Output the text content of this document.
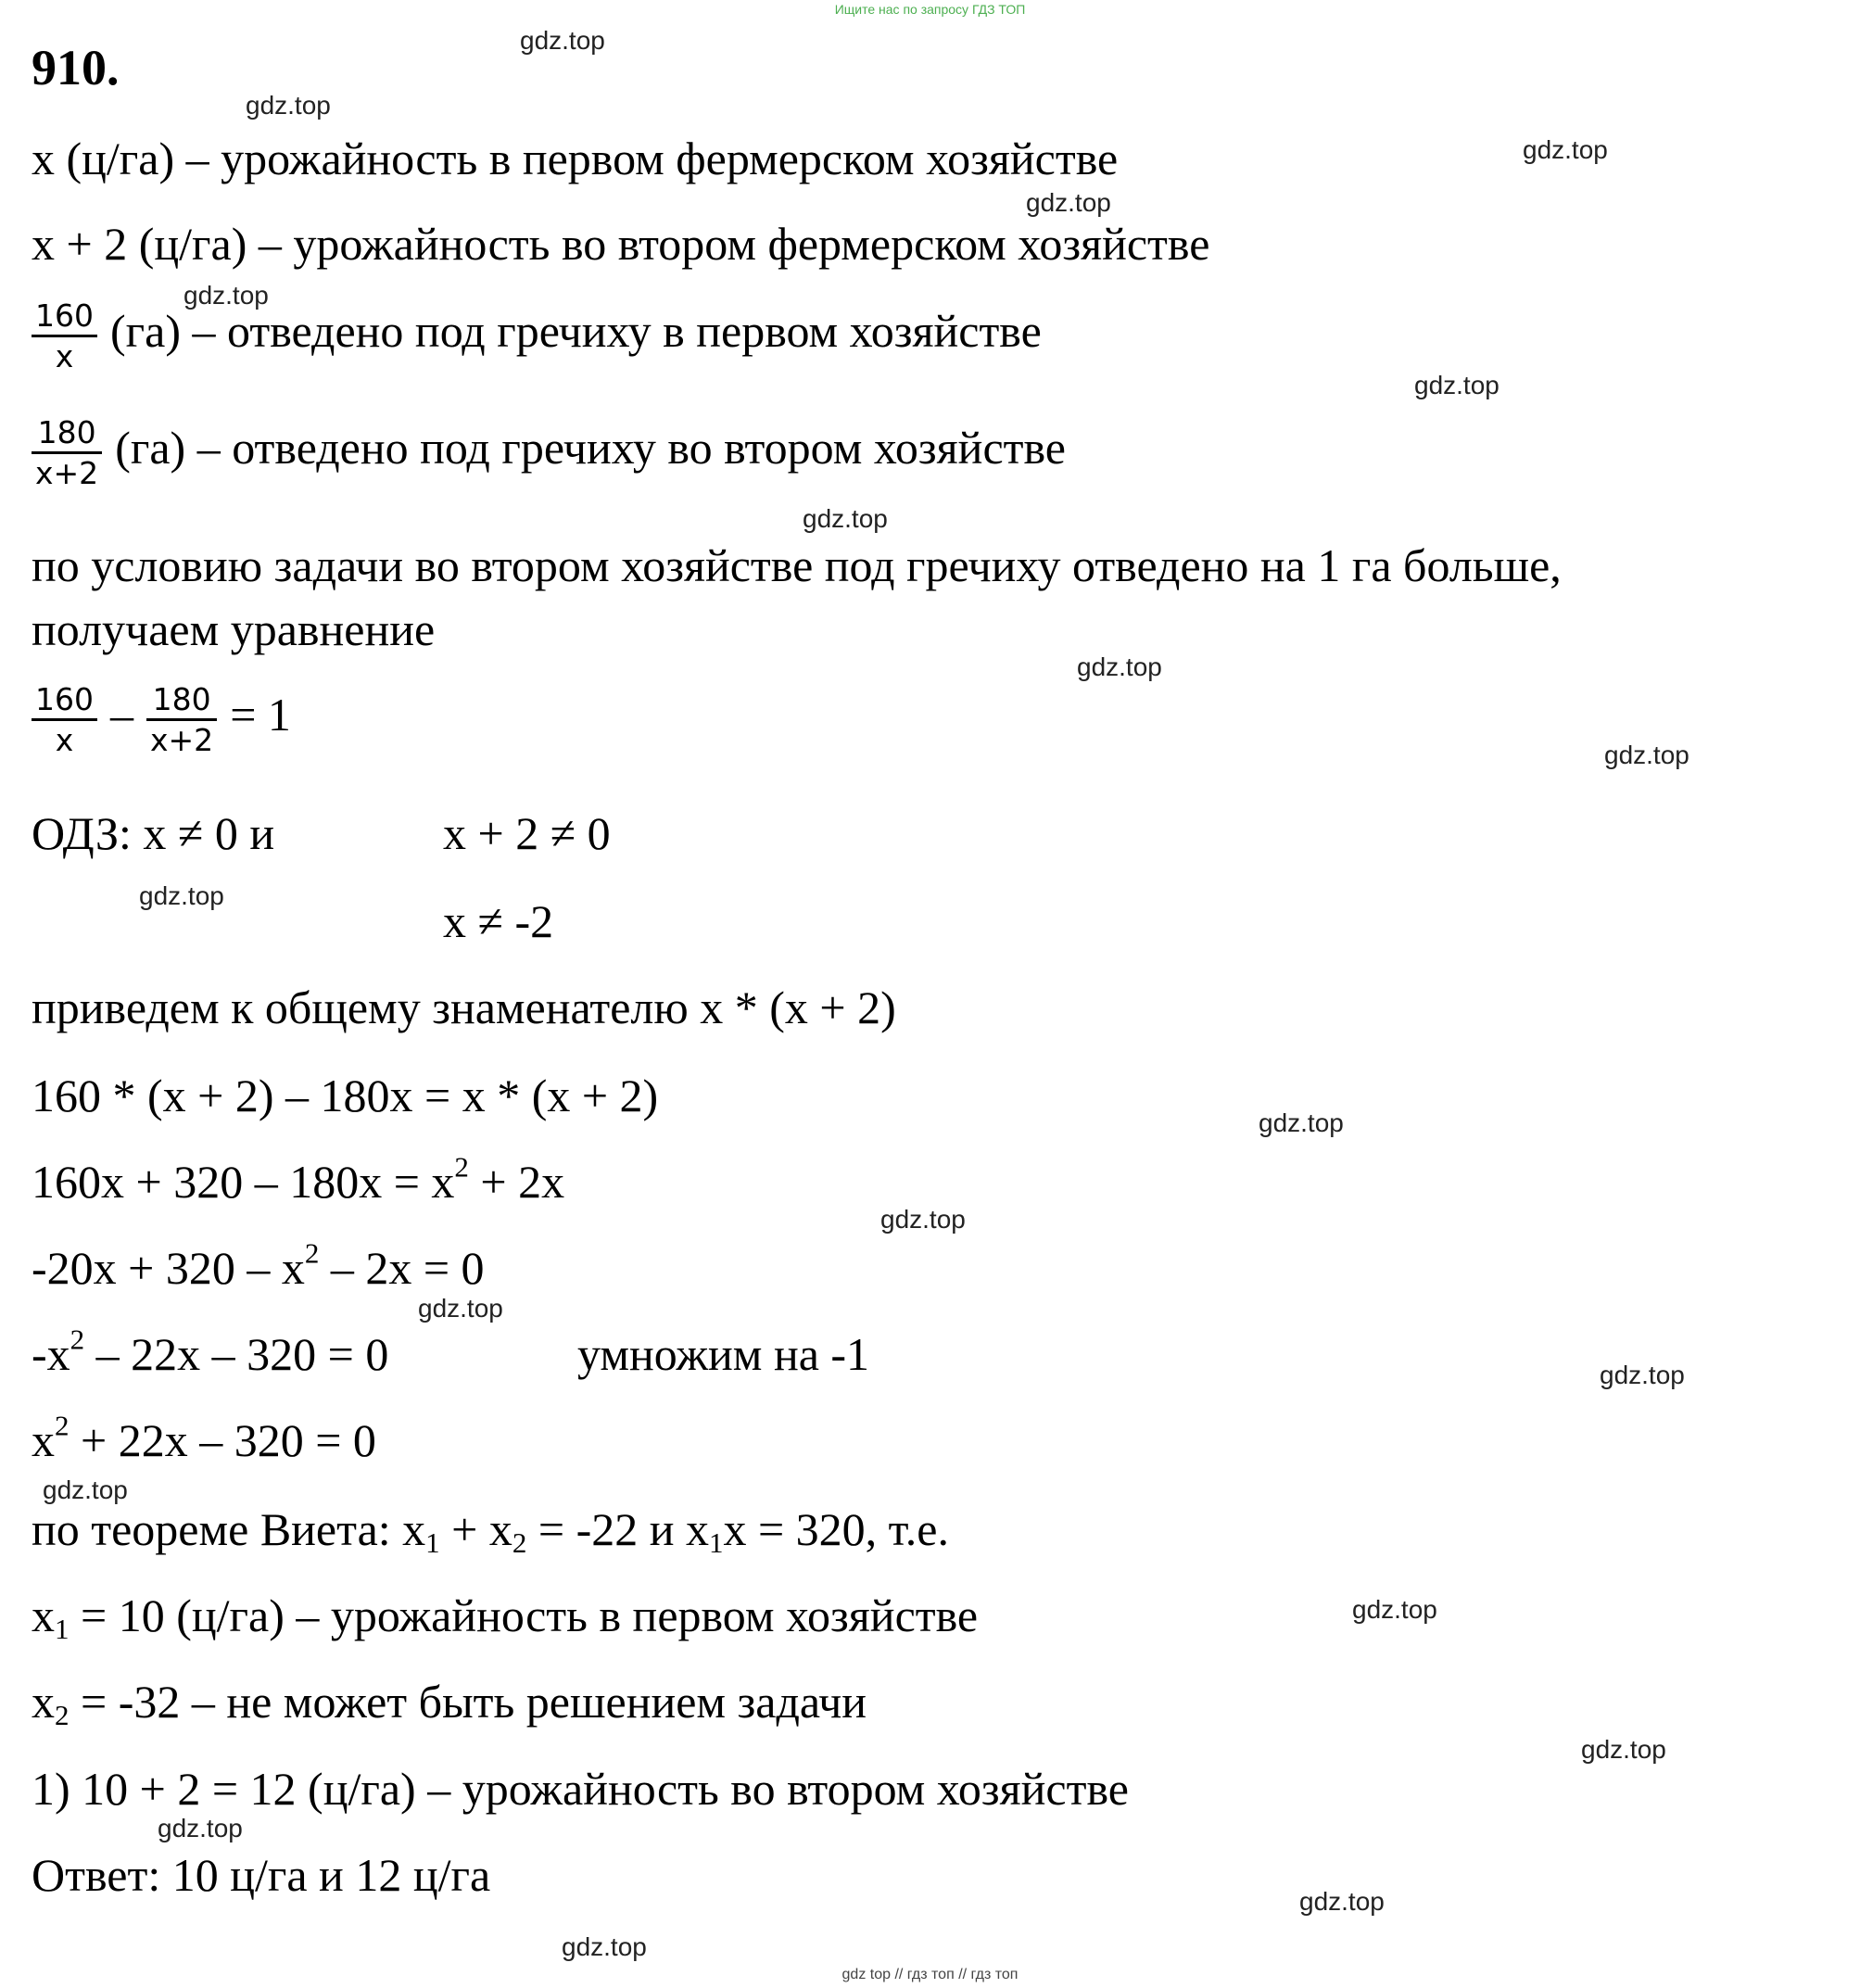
Ищите нас по запросу ГДЗ ТОП
910.
x (ц/га) – урожайность в первом фермерском хозяйстве
x + 2 (ц/га) – урожайность во втором фермерском хозяйстве
$\frac{160}{x} (га)$ – отведено под гречиху в первом хозяйстве
$\frac{180}{x+2} (га)$ – отведено под гречиху во втором хозяйстве
по условию задачи во втором хозяйстве под гречиху отведено на 1 га больше,
получаем уравнение
$\frac{160}{x} - \frac{180}{x+2} = 1$
ОДЗ: x ≠ 0 и	x + 2 ≠ 0
x ≠ -2
приведем к общему знаменателю x * (x + 2)
160 * (x + 2) – 180x = x * (x + 2)
$160x + 320 - 180x = x^2 + 2x$
$-20x + 320 - x^2 - 2x = 0$
$-x^2 - 22x - 320 = 0$	умножим на -1
$x^2 + 22x - 320 = 0$
по теореме Виета: $x_1 + x_2 = -22$ и $x_1x = 320$, т.е.
$x_1 = 10$ (ц/га) – урожайность в первом хозяйстве
$x_2 = -32$ – не может быть решением задачи
1) 10 + 2 = 12 (ц/га) – урожайность во втором хозяйстве
Ответ: 10 ц/га и 12 ц/га
gdz.top
gdz.top
gdz.top
gdz.top
gdz.top
gdz.top
gdz.top
gdz.top
gdz.top
gdz.top
gdz.top
gdz.top
gdz.top
gdz.top
gdz.top
gdz.top
gdz.top
gdz.top
gdz.top
gdz.top
gdz top // гдз топ // гдз топ
